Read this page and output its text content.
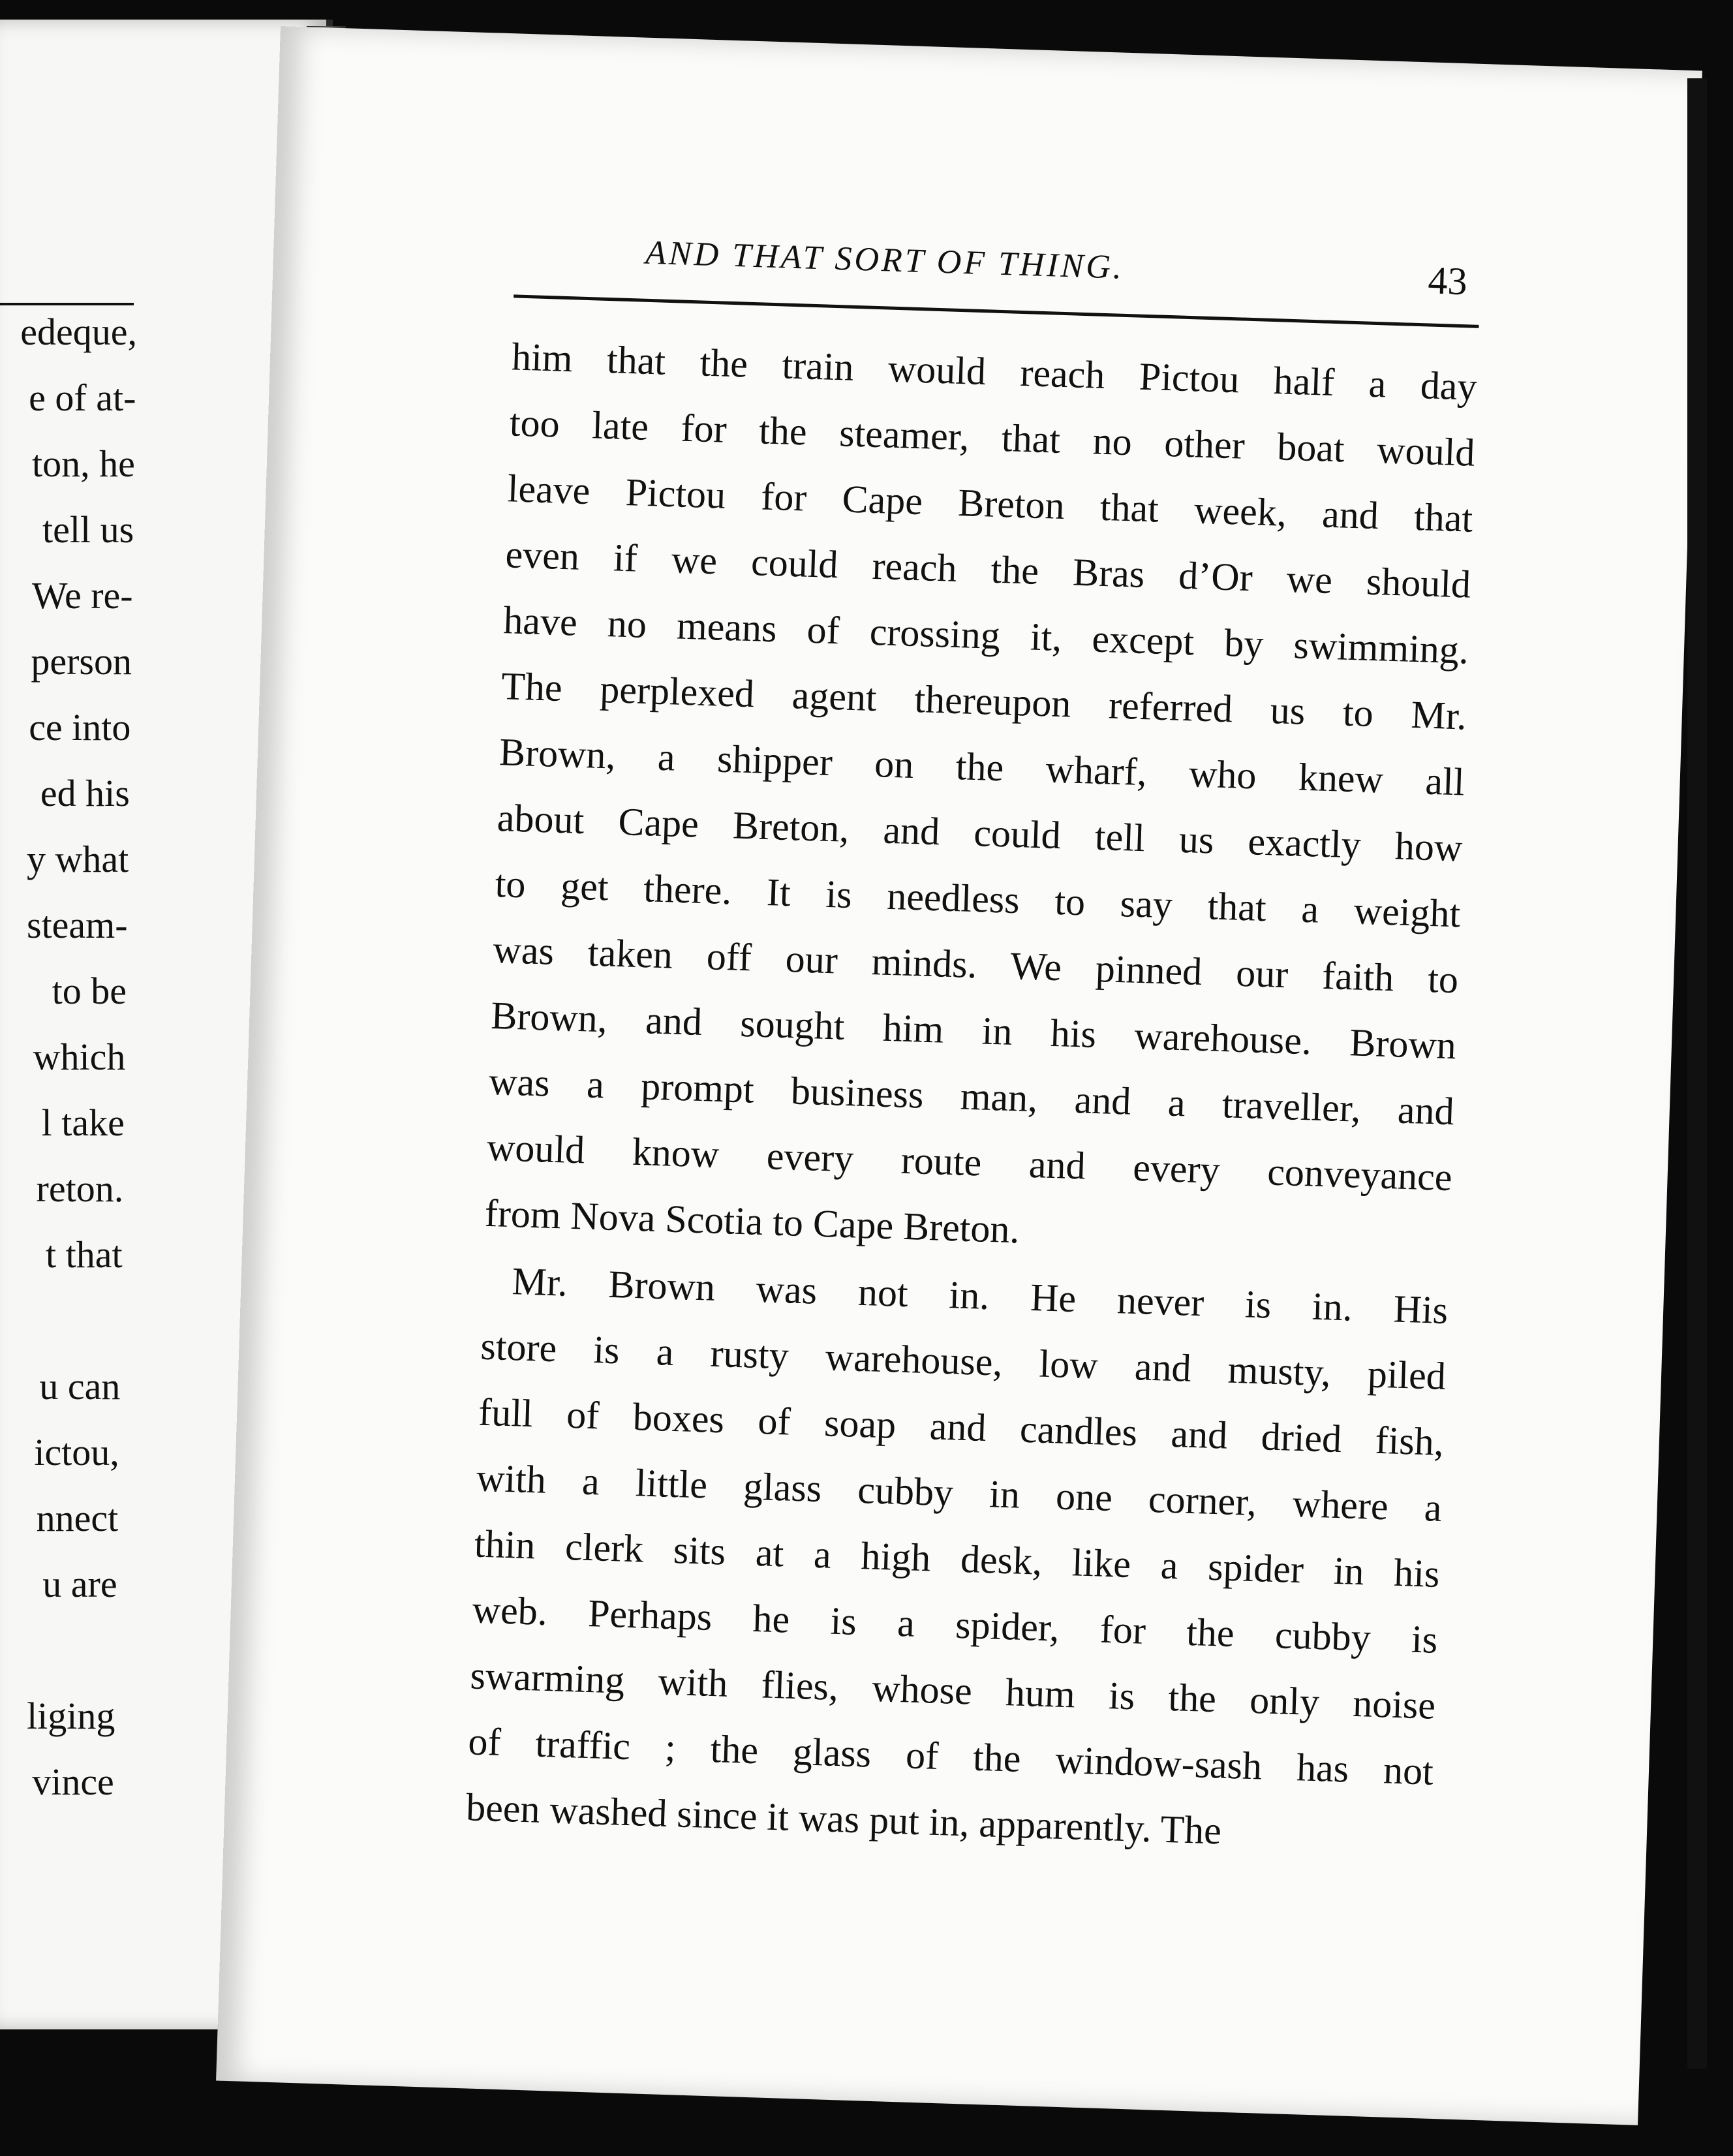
edeque,
e of at-
ton, he
tell us
We re-
person
ce into
ed his
y what
steam-
to be
which
l take
reton.
t that
u can
ictou,
nnect
u are
liging
vince
AND THAT SORT OF THING.	43

him that the train would reach Pictou half a day
too late for the steamer, that no other boat would
leave Pictou for Cape Breton that week, and that
even if we could reach the Bras d’Or we should
have no means of crossing it, except by swimming.
The perplexed agent thereupon referred us to Mr.
Brown, a shipper on the wharf, who knew all
about Cape Breton, and could tell us exactly how
to get there. It is needless to say that a weight
was taken off our minds. We pinned our faith to
Brown, and sought him in his warehouse. Brown
was a prompt business man, and a traveller, and
would know every route and every conveyance
from Nova Scotia to Cape Breton.

Mr. Brown was not in. He never is in. His
store is a rusty warehouse, low and musty, piled
full of boxes of soap and candles and dried fish,
with a little glass cubby in one corner, where a
thin clerk sits at a high desk, like a spider in his
web. Perhaps he is a spider, for the cubby is
swarming with flies, whose hum is the only noise
of traffic ; the glass of the window-sash has not
been washed since it was put in, apparently. The
